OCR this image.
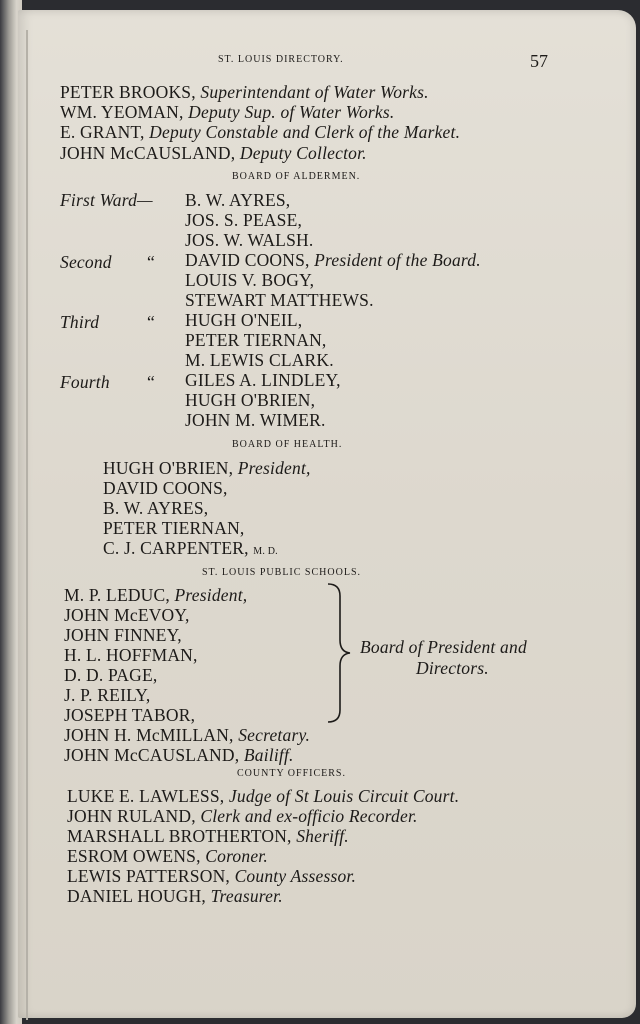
ST. LOUIS DIRECTORY.	57
PETER BROOKS, Superintendant of Water Works.
WM. YEOMAN, Deputy Sup. of Water Works.
E. GRANT, Deputy Constable and Clerk of the Market.
JOHN McCAUSLAND, Deputy Collector.
BOARD OF ALDERMEN.
First Ward— B. W. AYRES,
JOS. S. PEASE,
JOS. W. WALSH.
Second “ DAVID COONS, President of the Board.
LOUIS V. BOGY,
STEWART MATTHEWS.
Third	“ HUGH O'NEIL,
PETER TIERNAN,
M. LEWIS CLARK.
Fourth “ GILES A. LINDLEY,
HUGH O'BRIEN,
JOHN M. WIMER.
BOARD OF HEALTH.
HUGH O'BRIEN, President,
DAVID COONS,
B. W. AYRES,
PETER TIERNAN,
C. J. CARPENTER, M. D.
ST. LOUIS PUBLIC SCHOOLS.
M. P. LEDUC, President,
JOHN McEVOY,
JOHN FINNEY,
H. L. HOFFMAN,
D. D. PAGE,
J. P. REILY,
JOSEPH TABOR,
JOHN H. McMILLAN, Secretary.
JOHN McCAUSLAND, Bailiff.
Board of President and
Directors.
COUNTY OFFICERS.
LUKE E. LAWLESS, Judge of St Louis Circuit Court.
JOHN RULAND, Clerk and ex-officio Recorder.
MARSHALL BROTHERTON, Sheriff.
ESROM OWENS, Coroner.
LEWIS PATTERSON, County Assessor.
DANIEL HOUGH, Treasurer.
